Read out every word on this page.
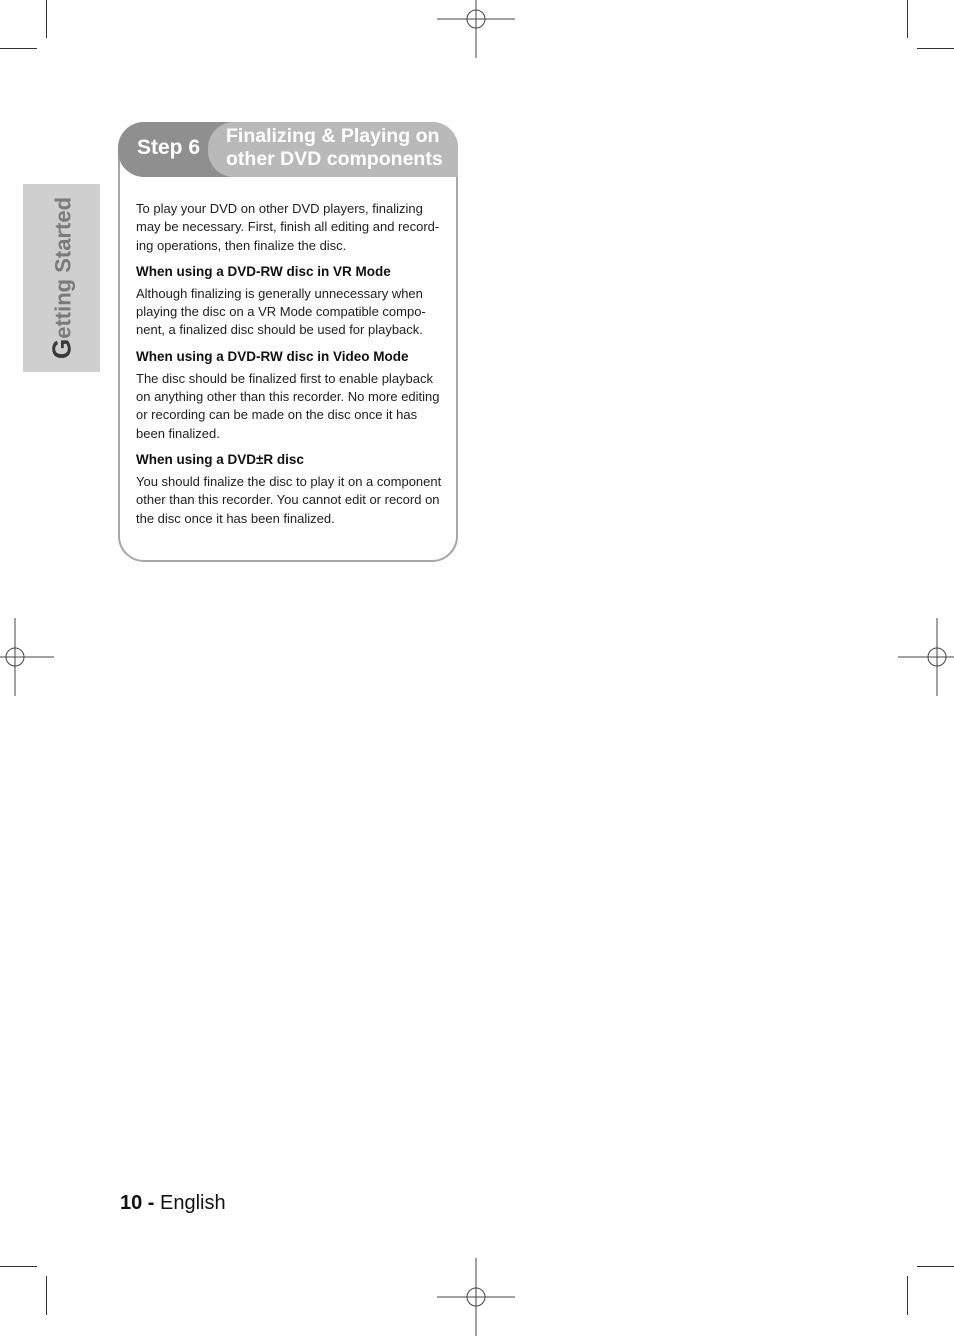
Getting Started
Step 6 Finalizing & Playing on
other DVD components

To play your DVD on other DVD players, finalizing may be necessary. First, finish all editing and record-ing operations, then finalize the disc.

When using a DVD-RW disc in VR Mode

Although finalizing is generally unnecessary when playing the disc on a VR Mode compatible compo-nent, a finalized disc should be used for playback.

When using a DVD-RW disc in Video Mode

The disc should be finalized first to enable playback on anything other than this recorder. No more editing or recording can be made on the disc once it has been finalized.

When using a DVD±R disc

You should finalize the disc to play it on a component other than this recorder. You cannot edit or record on the disc once it has been finalized.

10 - English
